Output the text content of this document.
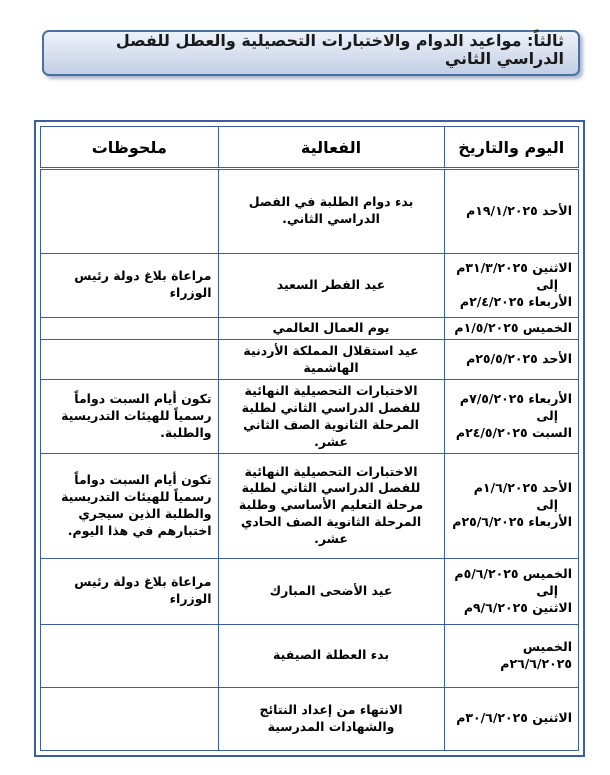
ثالثاً: مواعيد الدوام والاختبارات التحصيلية والعطل للفصل الدراسي الثاني
اليوم والتاريخ	الفعالية	ملحوظات

الأحد ١٩/١/٢٠٢٥م	بدء دوام الطلبة في الفصل الدراسي الثاني.	

الاثنين ٣١/٣/٢٠٢٥م
إلى
الأربعاء ٢/٤/٢٠٢٥م	عيد الفطر السعيد	مراعاة بلاغ دولة رئيس الوزراء

الخميس ١/٥/٢٠٢٥م	يوم العمال العالمي	

الأحد ٢٥/٥/٢٠٢٥م	عيد استقلال المملكة الأردنية الهاشمية	

الأربعاء ٧/٥/٢٠٢٥م
إلى
السبت ٢٤/٥/٢٠٢٥م	الاختبارات التحصيلية النهائية للفصل الدراسي الثاني لطلبة المرحلة الثانوية الصف الثاني عشر.	تكون أيام السبت دواماً رسمياً للهيئات التدريسية والطلبة.

الأحد ١/٦/٢٠٢٥م
إلى
الأربعاء ٢٥/٦/٢٠٢٥م	الاختبارات التحصيلية النهائية للفصل الدراسي الثاني لطلبة مرحلة التعليم الأساسي وطلبة المرحلة الثانوية الصف الحادي عشر.	تكون أيام السبت دواماً رسمياً للهيئات التدريسية والطلبة الذين سيجري اختبارهم في هذا اليوم.

الخميس ٥/٦/٢٠٢٥م
إلى
الاثنين ٩/٦/٢٠٢٥م	عيد الأضحى المبارك	مراعاة بلاغ دولة رئيس الوزراء

الخميس ٢٦/٦/٢٠٢٥م	بدء العطلة الصيفية	

الاثنين ٣٠/٦/٢٠٢٥م	الانتهاء من إعداد النتائج والشهادات المدرسية	
